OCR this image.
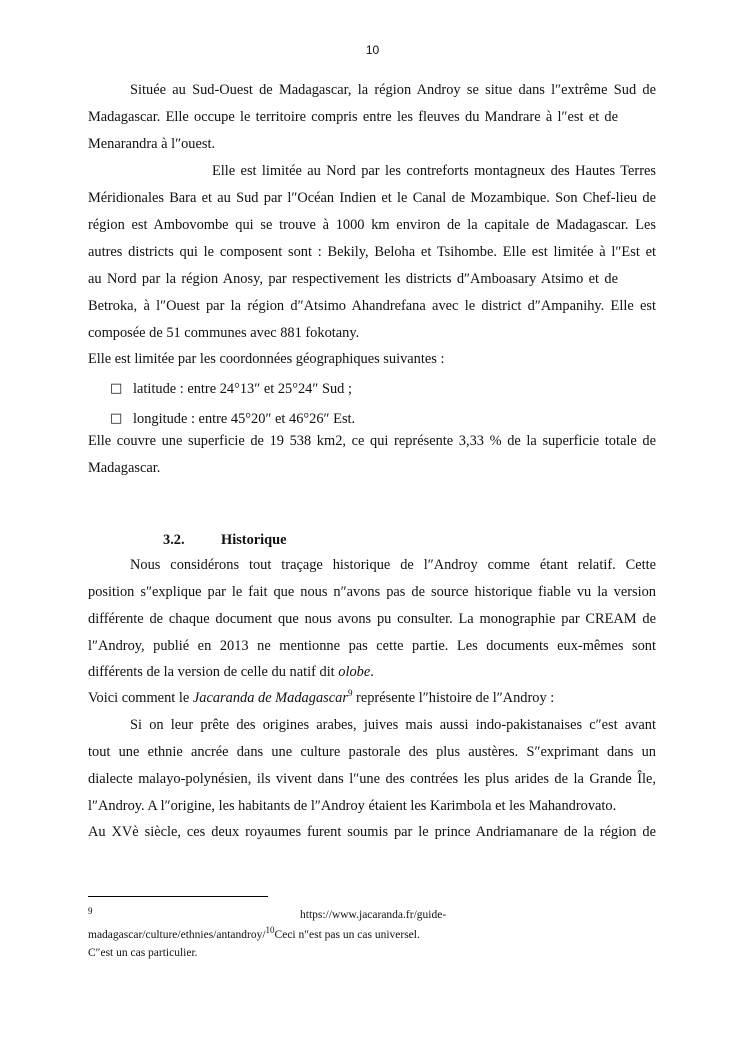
10
Située au Sud-Ouest de Madagascar, la région Androy se situe dans l″extrême Sud de
Madagascar. Elle occupe le territoire compris entre les fleuves du Mandrare à l″est et de
Menarandra à l″ouest.
Elle est limitée au Nord par les contreforts montagneux des Hautes Terres
Méridionales Bara et au Sud par l″Océan Indien et le Canal de Mozambique. Son Chef-lieu de
région est Ambovombe qui se trouve à 1000 km environ de la capitale de Madagascar. Les
autres districts qui le composent sont : Bekily, Beloha et Tsihombe. Elle est limitée à l″Est et
au Nord par la région Anosy, par respectivement les districts d″Amboasary Atsimo et de
Betroka, à l″Ouest par la région d″Atsimo Ahandrefana avec le district d″Ampanihy. Elle est
composée de 51 communes avec 881 fokotany.
Elle est limitée par les coordonnées géographiques suivantes :
□ latitude : entre 24°13″ et 25°24″ Sud ;
□ longitude : entre 45°20″ et 46°26″ Est.
Elle couvre une superficie de 19 538 km2, ce qui représente 3,33 % de la superficie totale de
Madagascar.
3.2.	Historique
Nous considérons tout traçage historique de l″Androy comme étant relatif. Cette
position s″explique par le fait que nous n″avons pas de source historique fiable vu la version
différente de chaque document que nous avons pu consulter. La monographie par CREAM de
l″Androy, publié en 2013 ne mentionne pas cette partie. Les documents eux-mêmes sont
différents de la version de celle du natif dit olobe.
Voici comment le Jacaranda de Madagascar$^9$ représente l″histoire de l″Androy :
Si on leur prête des origines arabes, juives mais aussi indo-pakistanaises c″est avant
tout une ethnie ancrée dans une culture pastorale des plus austères. S″exprimant dans un
dialecte malayo-polynésien, ils vivent dans l″une des contrées les plus arides de la Grande Île,
l″Androy. A l″origine, les habitants de l″Androy étaient les Karimbola et les Mahandrovato.
Au XVè siècle, ces deux royaumes furent soumis par le prince Andriamanare de la région de
9	https://www.jacaranda.fr/guide-
madagascar/culture/ethnies/antandroy/$^{10}$Ceci n″est pas un cas universel.
C″est un cas particulier.
